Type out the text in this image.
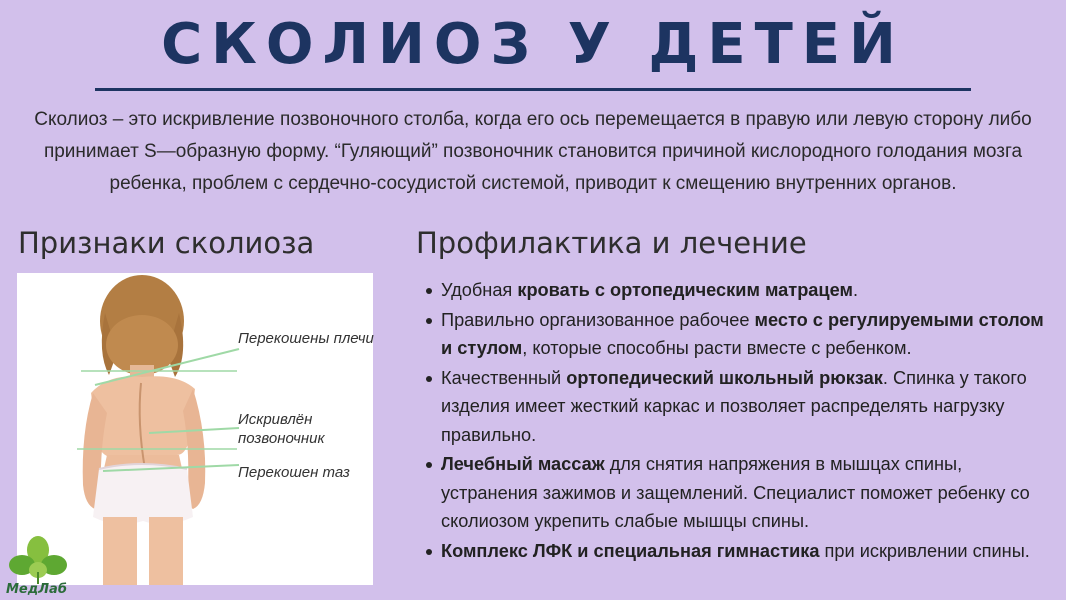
СКОЛИОЗ У ДЕТЕЙ
Сколиоз – это искривление позвоночного столба, когда его ось перемещается в правую или левую сторону либо принимает S—образную форму. “Гуляющий” позвоночник становится причиной кислородного голодания мозга ребенка, проблем с сердечно-сосудистой системой, приводит к смещению внутренних органов.
Признаки сколиоза	Профилактика и лечение
Перекошены плечи
Искривлён позвоночник
Перекошен таз
Удобная кровать с ортопедическим матрацем.
Правильно организованное рабочее место с регулируемыми столом и стулом, которые способны расти вместе с ребенком.
Качественный ортопедический школьный рюкзак. Спинка у такого изделия имеет жесткий каркас и позволяет распределять нагрузку правильно.
Лечебный массаж для снятия напряжения в мышцах спины, устранения зажимов и защемлений. Специалист поможет ребенку со сколиозом укрепить слабые мышцы спины.
Комплекс ЛФК и специальная гимнастика при искривлении спины.
МедЛаб
